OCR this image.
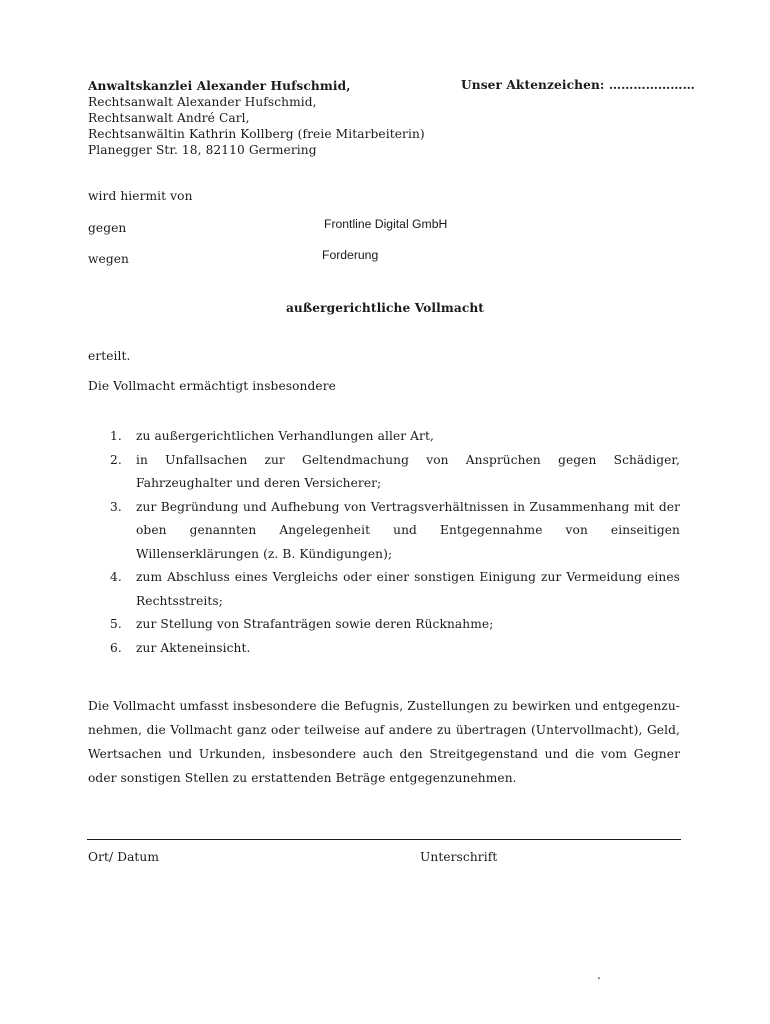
Anwaltskanzlei Alexander Hufschmid,
Rechtsanwalt Alexander Hufschmid,
Rechtsanwalt André Carl,
Rechtsanwältin Kathrin Kollberg (freie Mitarbeiterin)
Planegger Str. 18, 82110 Germering
Unser Aktenzeichen: …………………
wird hiermit von
gegen	Frontline Digital GmbH
wegen	Forderung
außergerichtliche Vollmacht
erteilt.
Die Vollmacht ermächtigt insbesondere
1. zu außergerichtlichen Verhandlungen aller Art,
2. in Unfallsachen zur Geltendmachung von Ansprüchen gegen Schädiger, Fahrzeughalter und deren Versicherer;
3. zur Begründung und Aufhebung von Vertragsverhältnissen in Zusammenhang mit der oben genannten Angelegenheit und Entgegennahme von einseitigen Willenserklärungen (z. B. Kündigungen);
4. zum Abschluss eines Vergleichs oder einer sonstigen Einigung zur Vermeidung eines Rechtsstreits;
5. zur Stellung von Strafanträgen sowie deren Rücknahme;
6. zur Akteneinsicht.

Die Vollmacht umfasst insbesondere die Befugnis, Zustellungen zu bewirken und entgegenzu-nehmen, die Vollmacht ganz oder teilweise auf andere zu übertragen (Untervollmacht), Geld, Wertsachen und Urkunden, insbesondere auch den Streitgegenstand und die vom Gegner oder sonstigen Stellen zu erstattenden Beträge entgegenzunehmen.

Ort/ Datum	Unterschrift
.
